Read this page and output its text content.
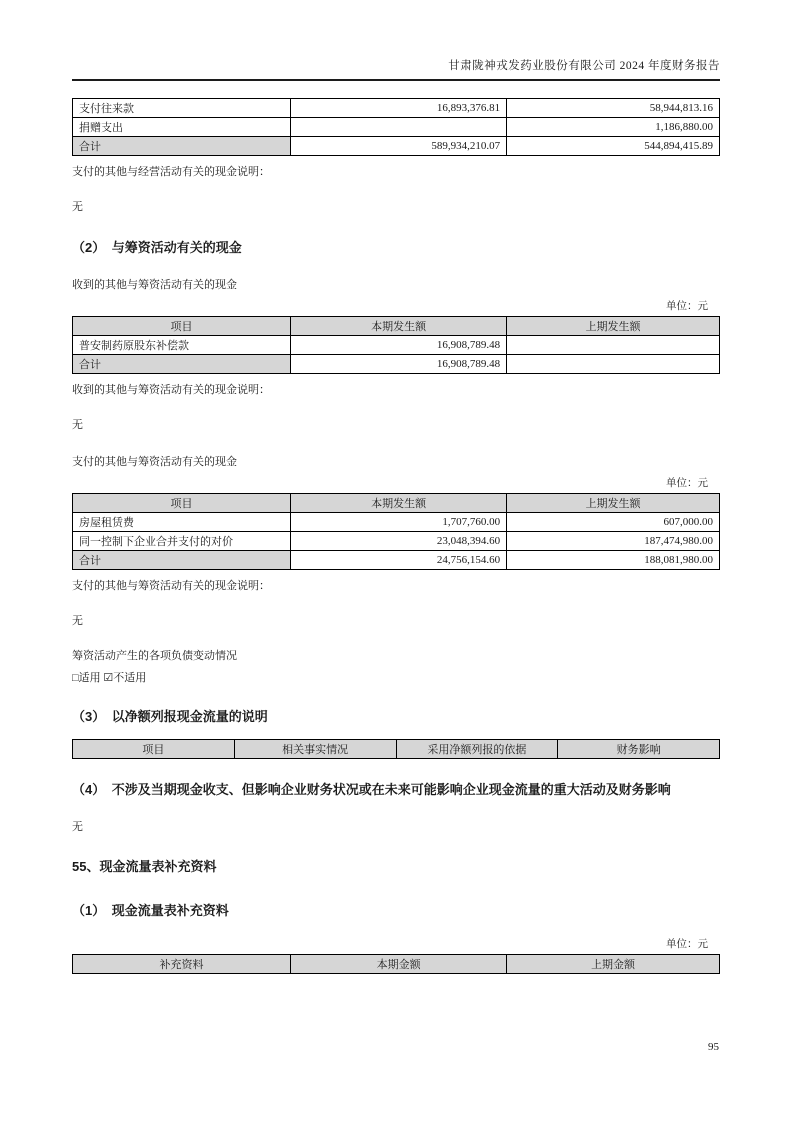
甘肃陇神戎发药业股份有限公司 2024 年度财务报告
支付往来款	16,893,376.81	58,944,813.16
捐赠支出		1,186,880.00
合计	589,934,210.07	544,894,415.89
支付的其他与经营活动有关的现金说明：
无
（2）　与筹资活动有关的现金
收到的其他与筹资活动有关的现金
单位：元
项目	本期发生额	上期发生额
普安制药原股东补偿款	16,908,789.48	
合计	16,908,789.48	
收到的其他与筹资活动有关的现金说明：
无
支付的其他与筹资活动有关的现金
单位：元
项目	本期发生额	上期发生额
房屋租赁费	1,707,760.00	607,000.00
同一控制下企业合并支付的对价	23,048,394.60	187,474,980.00
合计	24,756,154.60	188,081,980.00
支付的其他与筹资活动有关的现金说明：
无
筹资活动产生的各项负债变动情况
□适用 ☑不适用
（3）　以净额列报现金流量的说明
项目	相关事实情况	采用净额列报的依据	财务影响
（4）　不涉及当期现金收支、但影响企业财务状况或在未来可能影响企业现金流量的重大活动及财务影响
无
55、现金流量表补充资料
（1）　现金流量表补充资料
单位：元
补充资料	本期金额	上期金额
95
